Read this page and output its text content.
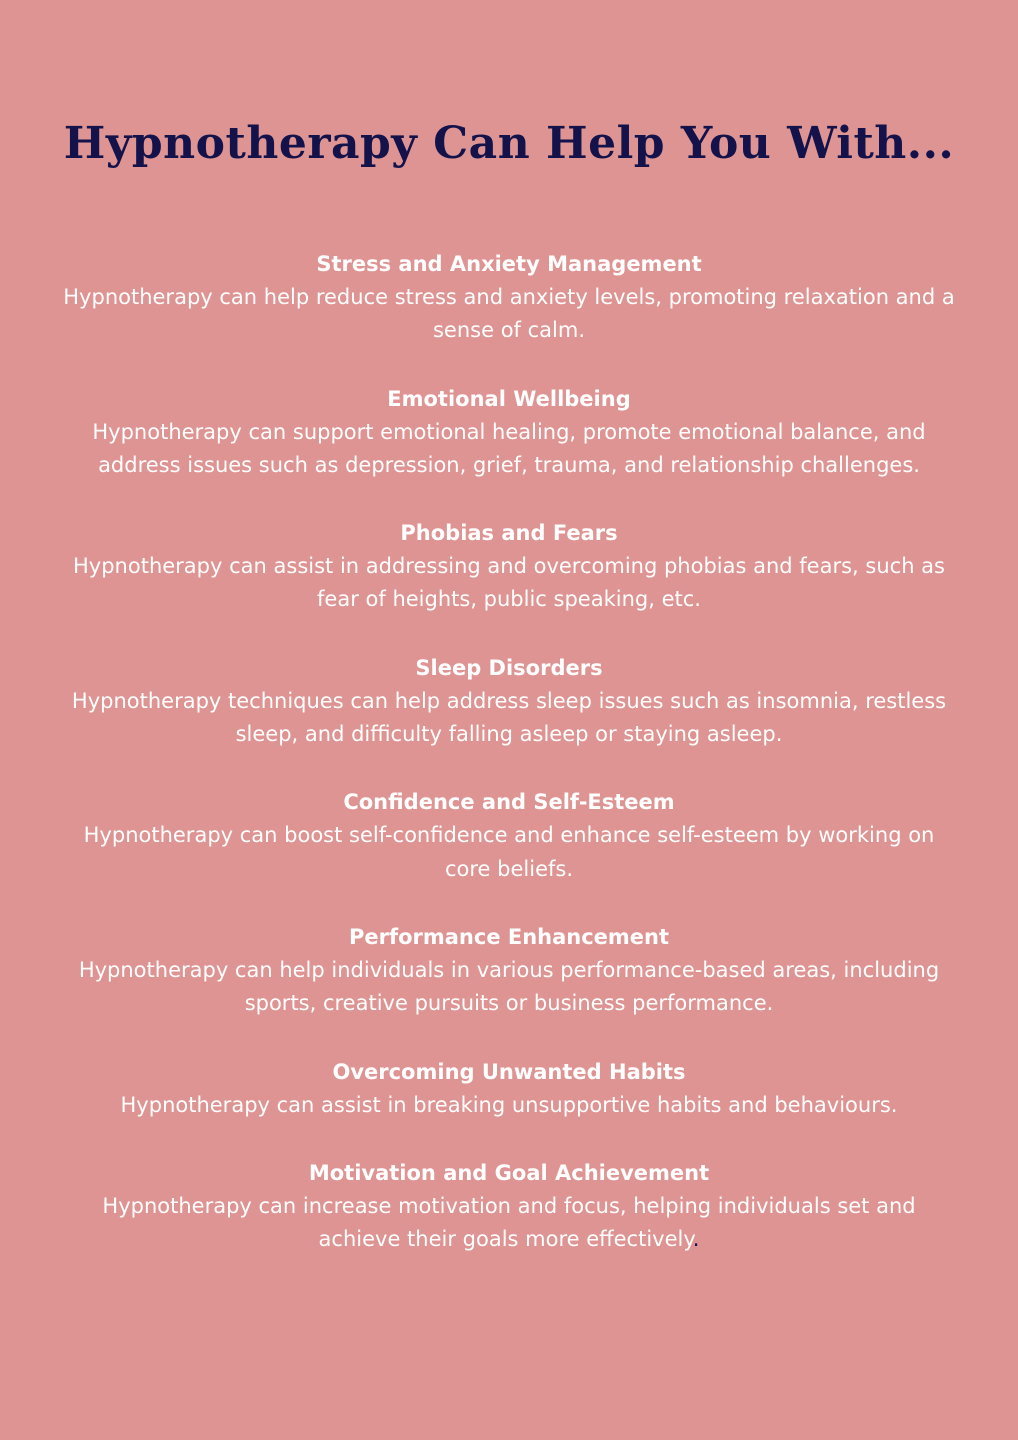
Hypnotherapy Can Help You With...

Stress and Anxiety Management

Hypnotherapy can help reduce stress and anxiety levels, promoting relaxation and a sense of calm.

Emotional Wellbeing

Hypnotherapy can support emotional healing, promote emotional balance, and address issues such as depression, grief, trauma, and relationship challenges.

Phobias and Fears

Hypnotherapy can assist in addressing and overcoming phobias and fears, such as fear of heights, public speaking, etc.

Sleep Disorders

Hypnotherapy techniques can help address sleep issues such as insomnia, restless sleep, and difficulty falling asleep or staying asleep.

Confidence and Self-Esteem

Hypnotherapy can boost self-confidence and enhance self-esteem by working on core beliefs.

Performance Enhancement

Hypnotherapy can help individuals in various performance-based areas, including sports, creative pursuits or business performance.

Overcoming Unwanted Habits

Hypnotherapy can assist in breaking unsupportive habits and behaviours.

Motivation and Goal Achievement

Hypnotherapy can increase motivation and focus, helping individuals set and achieve their goals more effectively.
